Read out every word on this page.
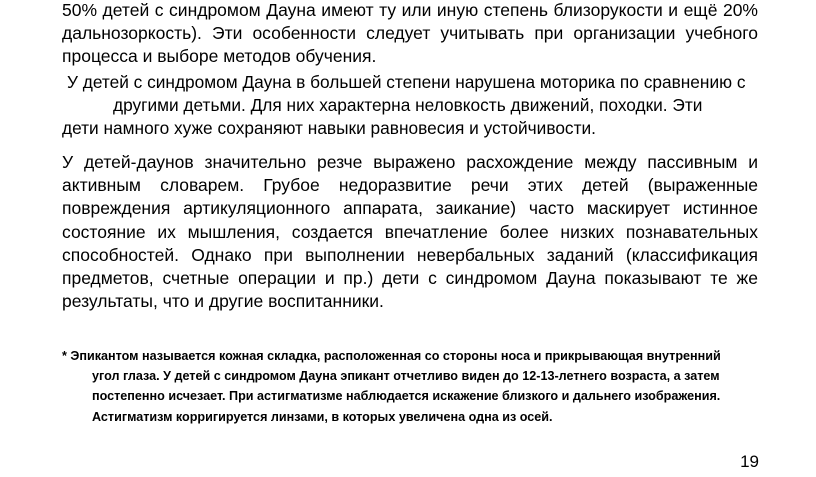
50% детей с синдромом Дауна имеют ту или иную степень близорукости и ещё 20% дальнозоркость). Эти особенности следует учитывать при организации учебного процесса и выборе методов обучения.

У детей с синдромом Дауна в большей степени нарушена моторика по сравнению с
другими детьми. Для них характерна неловкость движений, походки. Эти
дети намного хуже сохраняют навыки равновесия и устойчивости.

У детей-даунов значительно резче выражено расхождение между пассивным и активным словарем. Грубое недоразвитие речи этих детей (выраженные повреждения артикуляционного аппарата, заикание) часто маскирует истинное состояние их мышления, создается впечатление более низких познавательных способностей. Однако при выполнении невербальных заданий (классификация предметов, счетные операции и пр.) дети с синдромом Дауна показывают те же результаты, что и другие воспитанники.

* Эпикантом называется кожная складка, расположенная со стороны носа и прикрывающая внутренний
угол глаза. У детей с синдромом Дауна эпикант отчетливо виден до 12-13-летнего возраста, а затем
постепенно исчезает. При астигматизме наблюдается искажение близкого и дальнего изображения.
Астигматизм корригируется линзами, в которых увеличена одна из осей.
19
